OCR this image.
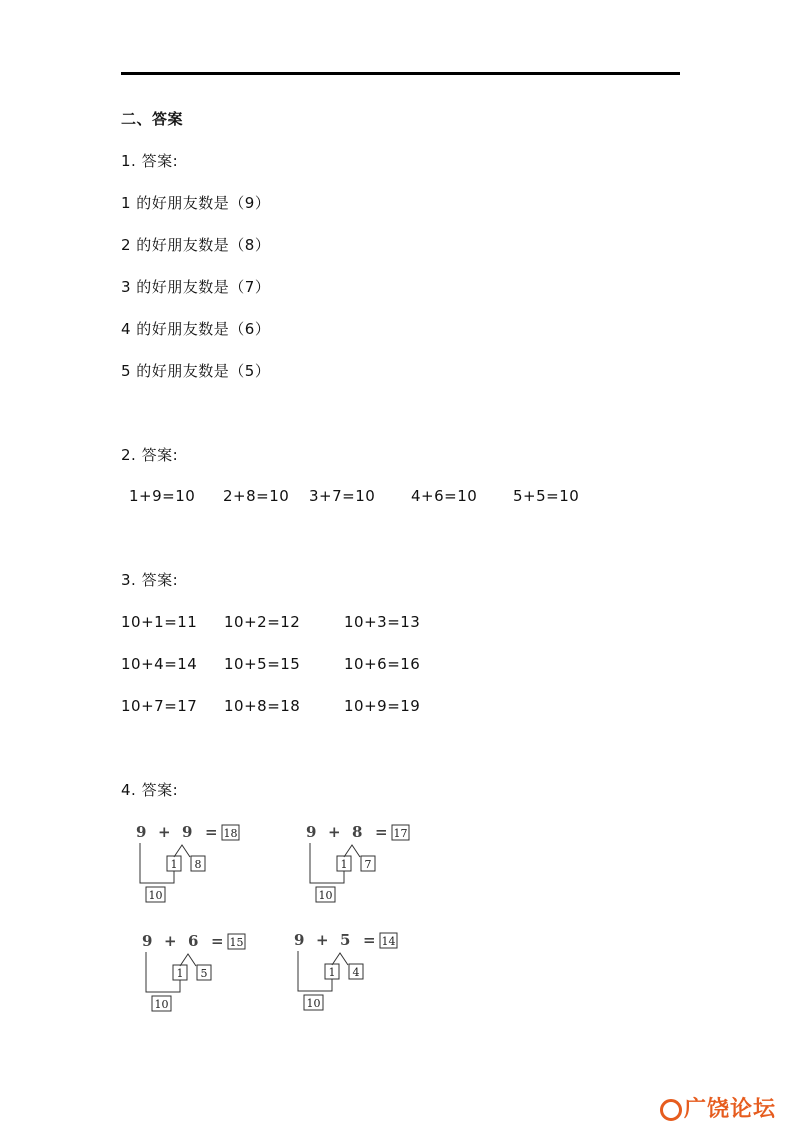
二、答案
1. 答案:
1 的好朋友数是（9）
2 的好朋友数是（8）
3 的好朋友数是（7）
4 的好朋友数是（6）
5 的好朋友数是（5）
2. 答案:
1+9=10 2+8=10 3+7=10 4+6=10 5+5=10
3. 答案:
10+1=11 10+2=12	10+3=13
10+4=14 10+5=15	10+6=16
10+7=17 10+8=18	10+9=19
4. 答案:
9 + 9 = 18
1 8
10
9 + 8 = 17
1 7
10
9 + 6 = 15
1 5
10
9 + 5 = 14
1 4
10
广饶论坛
